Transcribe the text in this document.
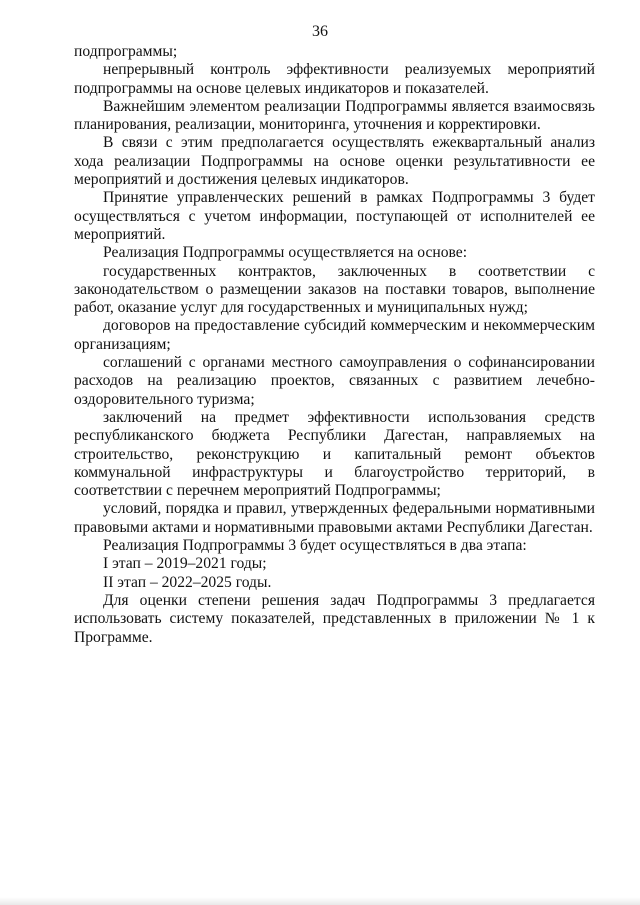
36

подпрограммы;

непрерывный контроль эффективности реализуемых мероприятий подпрограммы на основе целевых индикаторов и показателей.

Важнейшим элементом реализации Подпрограммы является взаимосвязь планирования, реализации, мониторинга, уточнения и корректировки.

В связи с этим предполагается осуществлять ежеквартальный анализ хода реализации Подпрограммы на основе оценки результативности ее мероприятий и достижения целевых индикаторов.

Принятие управленческих решений в рамках Подпрограммы 3 будет осуществляться с учетом информации, поступающей от исполнителей ее мероприятий.

Реализация Подпрограммы осуществляется на основе:

государственных контрактов, заключенных в соответствии с законодательством о размещении заказов на поставки товаров, выполнение работ, оказание услуг для государственных и муниципальных нужд;

договоров на предоставление субсидий коммерческим и некоммерческим организациям;

соглашений с органами местного самоуправления о софинансировании расходов на реализацию проектов, связанных с развитием лечебно-оздоровительного туризма;

заключений на предмет эффективности использования средств республиканского бюджета Республики Дагестан, направляемых на строительство, реконструкцию и капитальный ремонт объектов коммунальной инфраструктуры и благоустройство территорий, в соответствии с перечнем мероприятий Подпрограммы;

условий, порядка и правил, утвержденных федеральными нормативными правовыми актами и нормативными правовыми актами Республики Дагестан.

Реализация Подпрограммы 3 будет осуществляться в два этапа:

I этап – 2019–2021 годы;

II этап – 2022–2025 годы.

Для оценки степени решения задач Подпрограммы 3 предлагается использовать систему показателей, представленных в приложении № 1 к Программе.
